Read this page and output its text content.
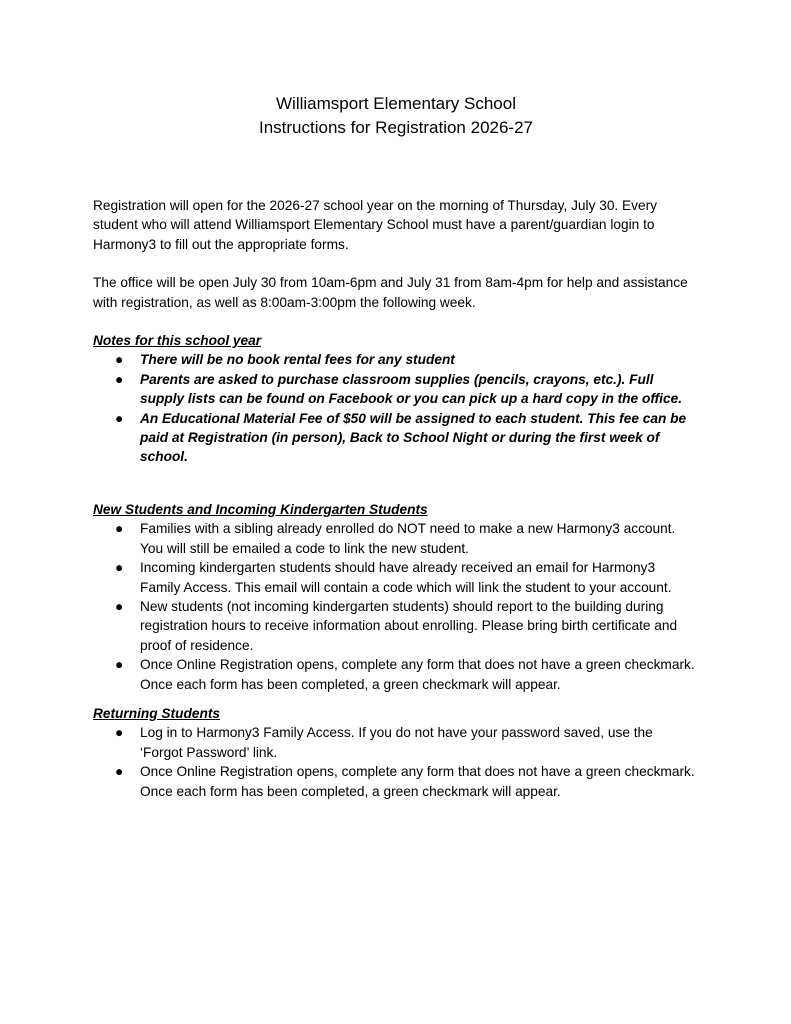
Williamsport Elementary School
Instructions for Registration 2026-27

Registration will open for the 2026-27 school year on the morning of Thursday, July 30. Every student who will attend Williamsport Elementary School must have a parent/guardian login to Harmony3 to fill out the appropriate forms.

The office will be open July 30 from 10am-6pm and July 31 from 8am-4pm for help and assistance with registration, as well as 8:00am-3:00pm the following week.

Notes for this school year

● There will be no book rental fees for any student
● Parents are asked to purchase classroom supplies (pencils, crayons, etc.). Full supply lists can be found on Facebook or you can pick up a hard copy in the office.
● An Educational Material Fee of $50 will be assigned to each student. This fee can be paid at Registration (in person), Back to School Night or during the first week of school.

New Students and Incoming Kindergarten Students

● Families with a sibling already enrolled do NOT need to make a new Harmony3 account. You will still be emailed a code to link the new student.
● Incoming kindergarten students should have already received an email for Harmony3 Family Access. This email will contain a code which will link the student to your account.
● New students (not incoming kindergarten students) should report to the building during registration hours to receive information about enrolling. Please bring birth certificate and proof of residence.
● Once Online Registration opens, complete any form that does not have a green checkmark. Once each form has been completed, a green checkmark will appear.

Returning Students

● Log in to Harmony3 Family Access. If you do not have your password saved, use the ‘Forgot Password’ link.
● Once Online Registration opens, complete any form that does not have a green checkmark. Once each form has been completed, a green checkmark will appear.
